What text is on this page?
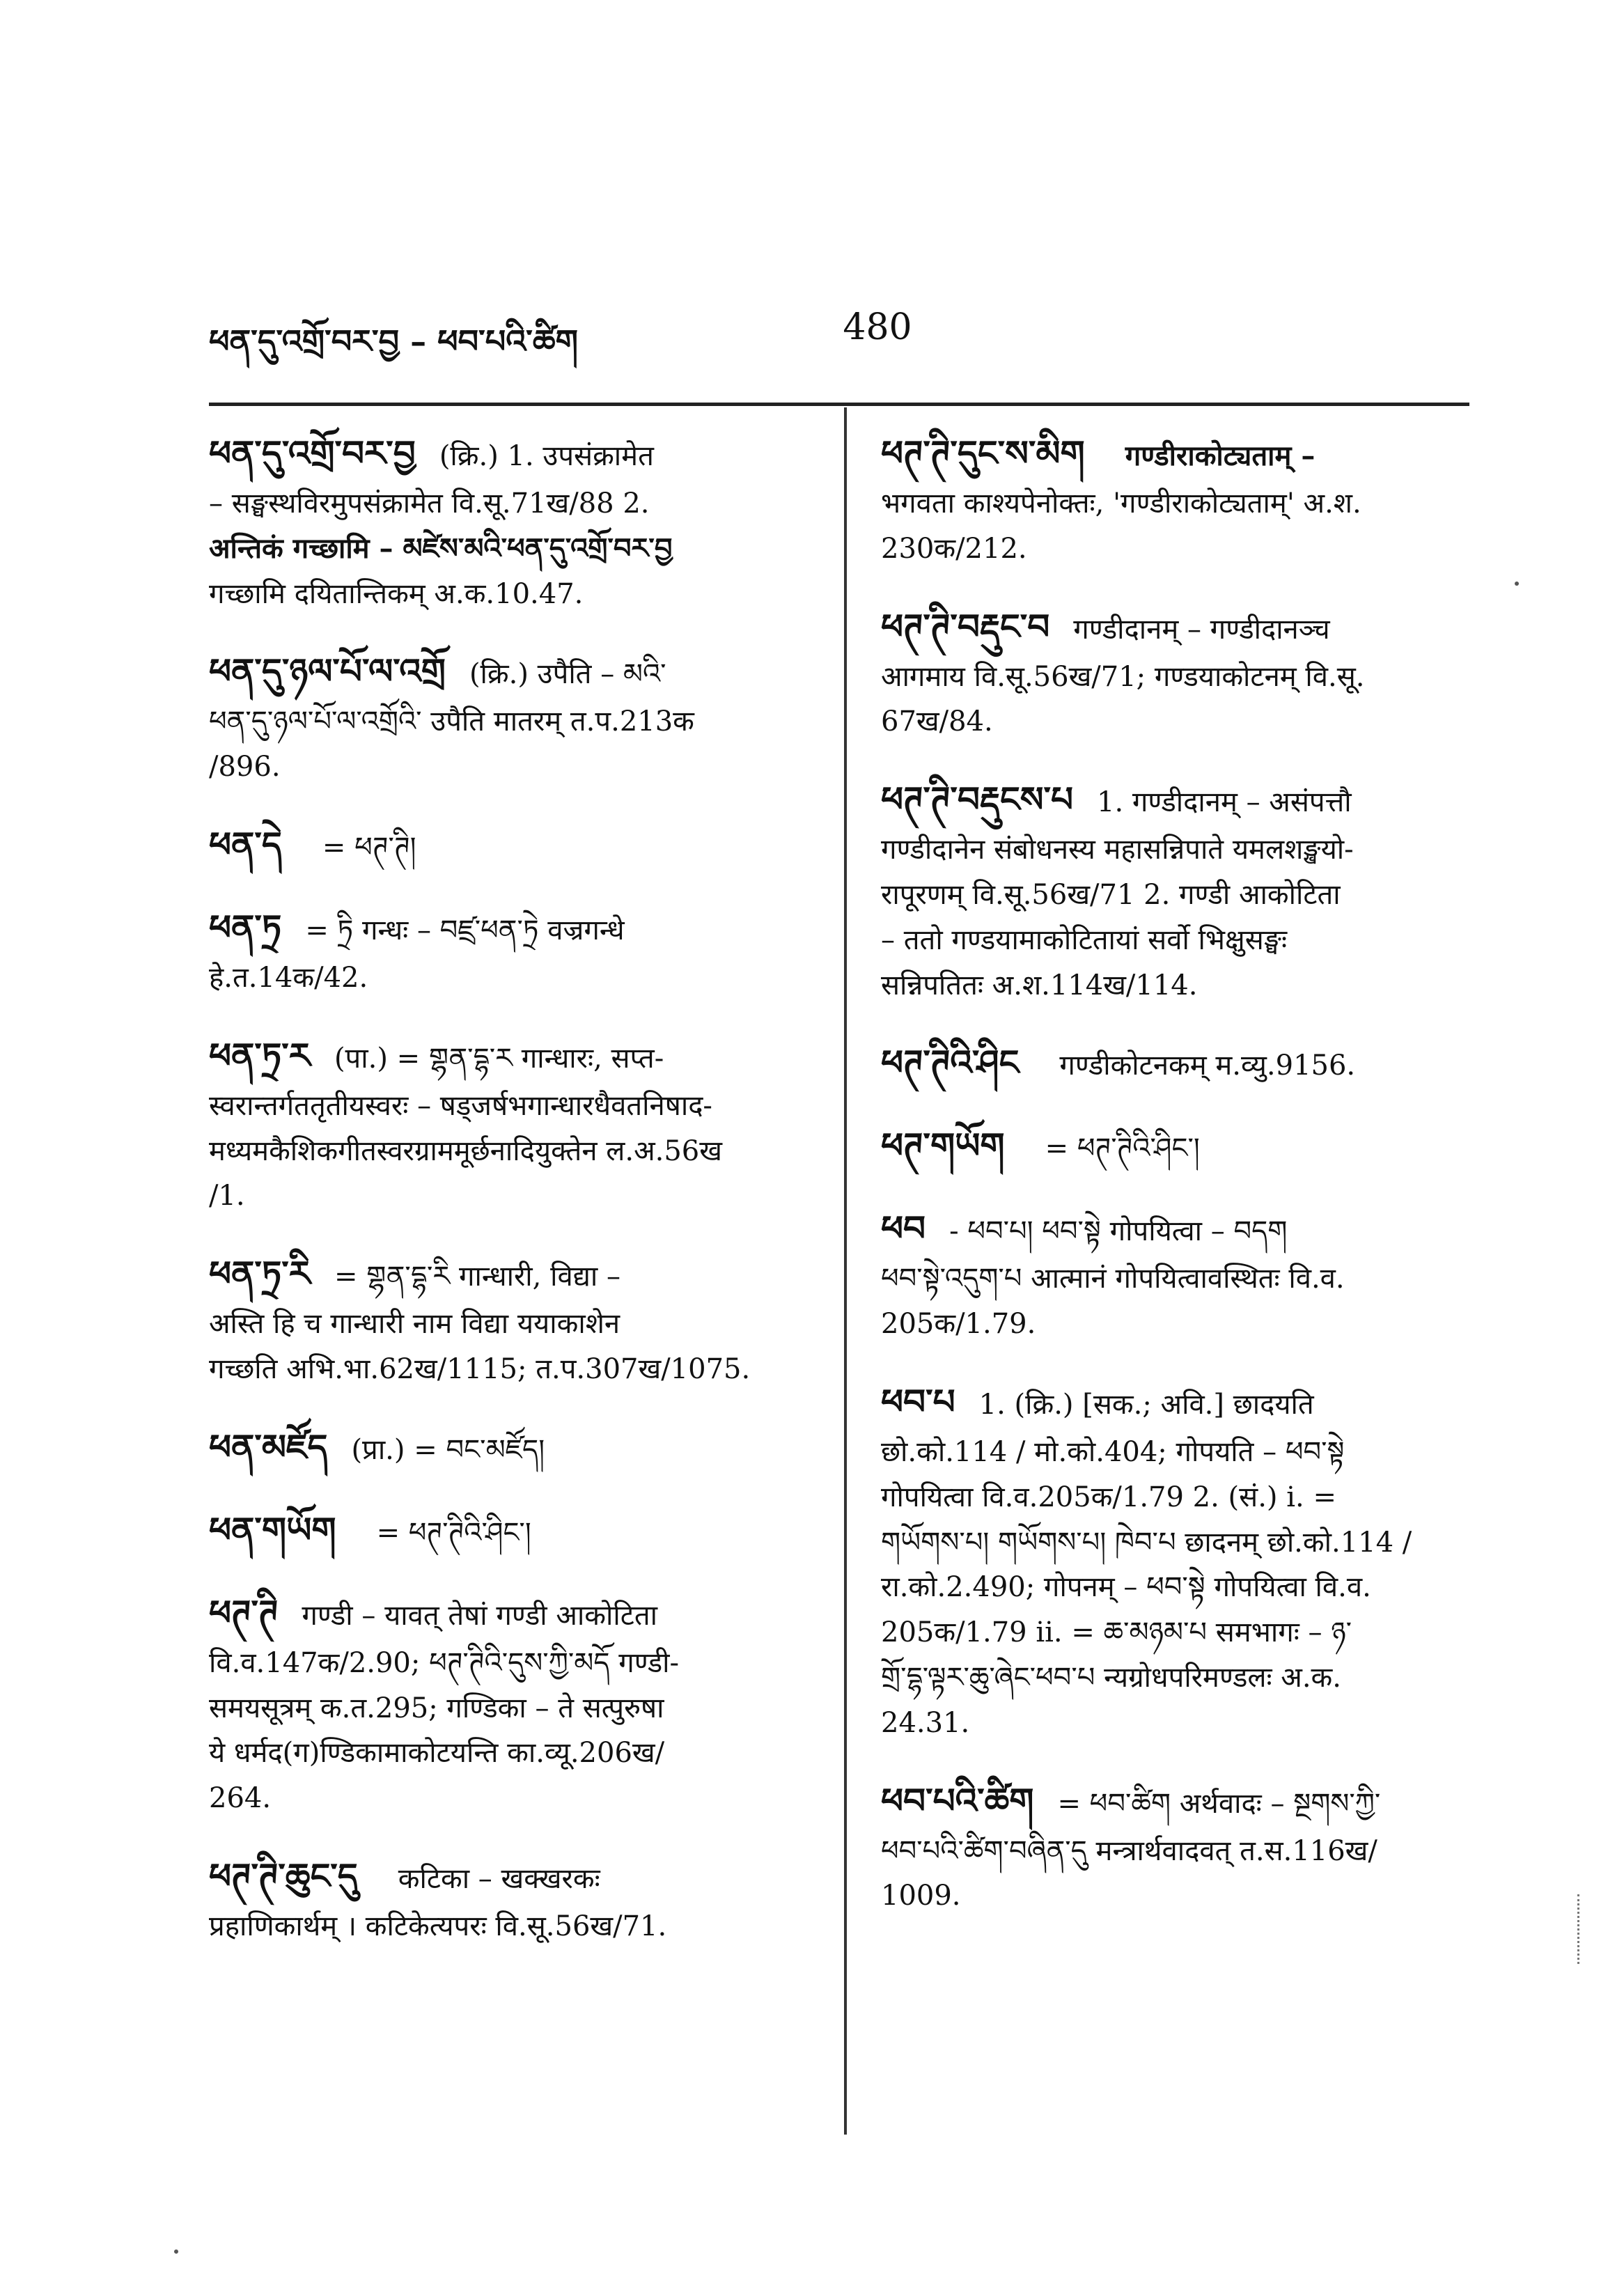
ཕན་དུ་འགྲོ་བར་བྱ – ཕབ་པའི་ཚིག	480
ཕན་དུ་འགྲོ་བར་བྱ (क्रि.) 1. उपसंक्रामेत
– सङ्घस्थविरमुपसंक्रामेत वि.सू.71ख/88 2.
अन्तिकं गच्छामि – མཛེས་མའི་ཕན་དུ་འགྲོ་བར་བྱ
गच्छामि दयितान्तिकम् अ.क.10.47.
ཕན་དུ་ཉལ་པོ་ལ་འགྲོ (क्रि.) उपैति – མའི་
ཕན་དུ་ཉལ་པོ་ལ་འགྲོའི་ उपैति मातरम् त.प.213क
/896.
ཕན་དེ = ཕཊ་ཊི།
ཕན་ཏྲ = ཏྲི गन्धः – བཛྲ་ཕན་ཏྲེ वज्रगन्धे
हे.त.14क/42.
ཕན་ཏྲ་ར (पा.) = གྷན་དྷ་ར गान्धारः, सप्त-
स्वरान्तर्गततृतीयस्वरः – षड्जर्षभगान्धारधैवतनिषाद-
मध्यमकैशिकगीतस्वरग्राममूर्छनादियुक्तेन ल.अ.56ख
/1.
ཕན་ཏྲ་རི = གྷན་དྷ་རི गान्धारी, विद्या –
अस्ति हि च गान्धारी नाम विद्या ययाकाशेन
गच्छति अभि.भा.62ख/1115; त.प.307ख/1075.
ཕན་མཛོད (प्रा.) = བང་མཛོད།
ཕན་གཡོག = ཕཊ་ཊིའི་ཤིང༌།
ཕཊ་ཊི गण्डी – यावत् तेषां गण्डी आकोटिता
वि.व.147क/2.90; ཕཊ་ཊིའི་དུས་ཀྱི་མདོ गण्डी-
समयसूत्रम् क.त.295; गण्डिका – ते सत्पुरुषा
ये धर्मद(ग)ण्डिकामाकोटयन्ति का.व्यू.206ख/
264.
ཕཊ་ཊི་ཆུང་དུ कटिका – खक्खरकः
प्रहाणिकार्थम् । कटिकेत्यपरः वि.सू.56ख/71.
ཕཊ་ཊི་དུང་ས་མིག गण्डीराकोट्यताम् –
भगवता काश्यपेनोक्तः, 'गण्डीराकोट्यताम्' अ.श.
230क/212.
ཕཊ་ཊི་བརྡུང་བ गण्डीदानम् – गण्डीदानञ्च
आगमाय वि.सू.56ख/71; गण्डयाकोटनम् वि.सू.
67ख/84.
ཕཊ་ཊི་བརྡུངས་པ 1. गण्डीदानम् – असंपत्तौ
गण्डीदानेन संबोधनस्य महासन्निपाते यमलशङ्खयो-
रापूरणम् वि.सू.56ख/71 2. गण्डी आकोटिता
– ततो गण्डयामाकोटितायां सर्वो भिक्षुसङ्घः
सन्निपतितः अ.श.114ख/114.
ཕཊ་ཊིའི་ཤིང गण्डीकोटनकम् म.व्यु.9156.
ཕཊ་གཡོག = ཕཊ་ཊིའི་ཤིང༌།
ཕབ - ཕབ་པ། ཕབ་སྟེ गोपयित्वा – བདག
ཕབ་སྟེ་འདུག་པ आत्मानं गोपयित्वावस्थितः वि.व.
205क/1.79.
ཕབ་པ 1. (क्रि.) [सक.; अवि.] छादयति
छो.को.114 / मो.को.404; गोपयति – ཕབ་སྟེ
गोपयित्वा वि.व.205क/1.79 2. (सं.) i. =
གཡོགས་པ། གཡོགས་པ། ཁེབ་པ छादनम् छो.को.114 /
रा.को.2.490; गोपनम् – ཕབ་སྟེ गोपयित्वा वि.व.
205क/1.79 ii. = ཆ་མཉམ་པ समभागः – ཉ་
གྲོ་དྷ་ལྟར་ཆུ་ཞེང་ཕབ་པ न्यग्रोधपरिमण्डलः अ.क.
24.31.
ཕབ་པའི་ཚིག = ཕབ་ཚིག अर्थवादः – སྔགས་ཀྱི་
ཕབ་པའི་ཚིག་བཞིན་དུ मन्त्रार्थवादवत् त.स.116ख/
1009.
